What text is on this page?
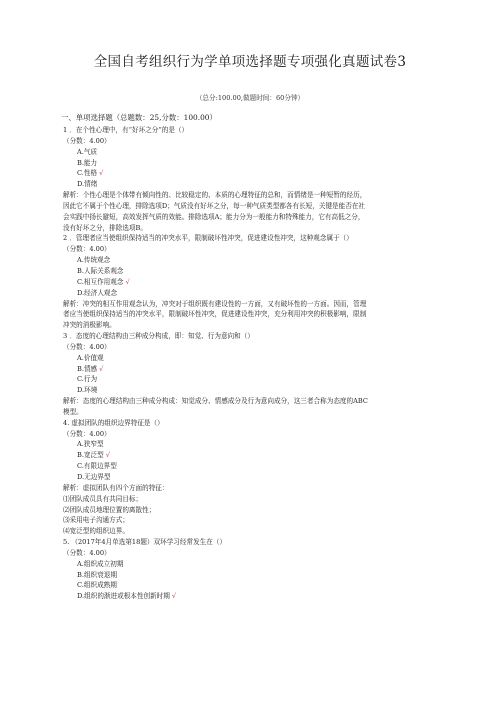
全国自考组织行为学单项选择题专项强化真题试卷3
（总分:100.00,做题时间：60分钟）
一、单项选择题（总题数：25,分数：100.00）
1 ．在个性心理中，有“好坏之分”的是（）
（分数：4.00）
A.气质
B.能力
C.性格 √
D.情绪
解析：个性心理是个体带有倾向性的、比较稳定的、本质的心理特征的总和，而情绪是一种短暂的经历，
因此它不属于个性心理，排除选项D；气质没有好坏之分，每一种气质类型都各有长短，关键是能否在社
会实践中扬长避短，高效发挥气质的效能。排除选项A；能力分为一般能力和特殊能力，它有高低之分，
没有好坏之分，排除选项B。
2 ．管理者应当使组织保持适当的冲突水平，限制破坏性冲突，促进建设性冲突，这种观念属于（）
（分数：4.00）
A.传统观念
B.人际关系观念
C.相互作用观念 √
D.经济人观念
解析：冲突的相互作用观念认为，冲突对于组织既有建设性的一方面，又有破坏性的一方面。因而，管理
者应当使组织保持适当的冲突水平，限制破坏性冲突，促进建设性冲突，充分利用冲突的积极影响，限制
冲突的消极影响。
3 ．态度的心理结构由三种成分构成，即：知觉、行为意向和（）
（分数：4.00）
A.价值观
B.情感 √
C.行为
D.环境
解析：态度的心理结构由三种成分构成：知觉成分、情感成分及行为意向成分，这三者合称为态度的ABC
模型。
4. 虚拟团队的组织边界特征是（）
（分数：4.00）
A.狭窄型
B.宽泛型 √
C.有限边界型
D.无边界型
解析：虚拟团队有四个方面的特征：
⑴团队成员具有共同目标；
⑵团队成员地理位置的离散性；
⑶采用电子沟通方式；
⑷宽泛型的组织边界。
5. （2017年4月单选第18题）双环学习经常发生在（）
（分数：4.00）
A.组织成立初期
B.组织衰退期
C.组织成熟期
D.组织的渐进或根本性创新时期 √
